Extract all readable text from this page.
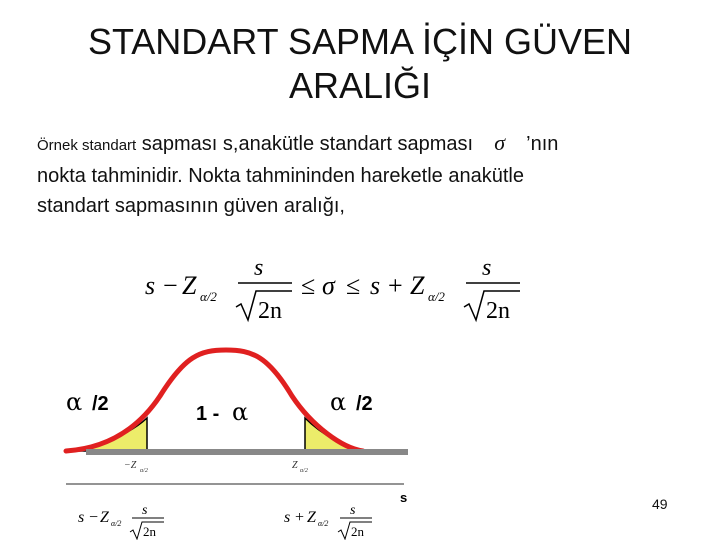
STANDART SAPMA İÇİN GÜVEN
ARALIĞI
Örnek standart sapması s,anakütle standart sapması σ ’nın
nokta tahminidir. Nokta tahmininden hareketle anakütle
standart sapmasının güven aralığı,
s − Z α/2
s
2n
≤ σ ≤ s + Z α/2
s
2n
α /2	1 - α	α /2
−Z α/2	Z α/2
s
s − Z α/2
s
2n
s + Z α/2
s
2n
49
